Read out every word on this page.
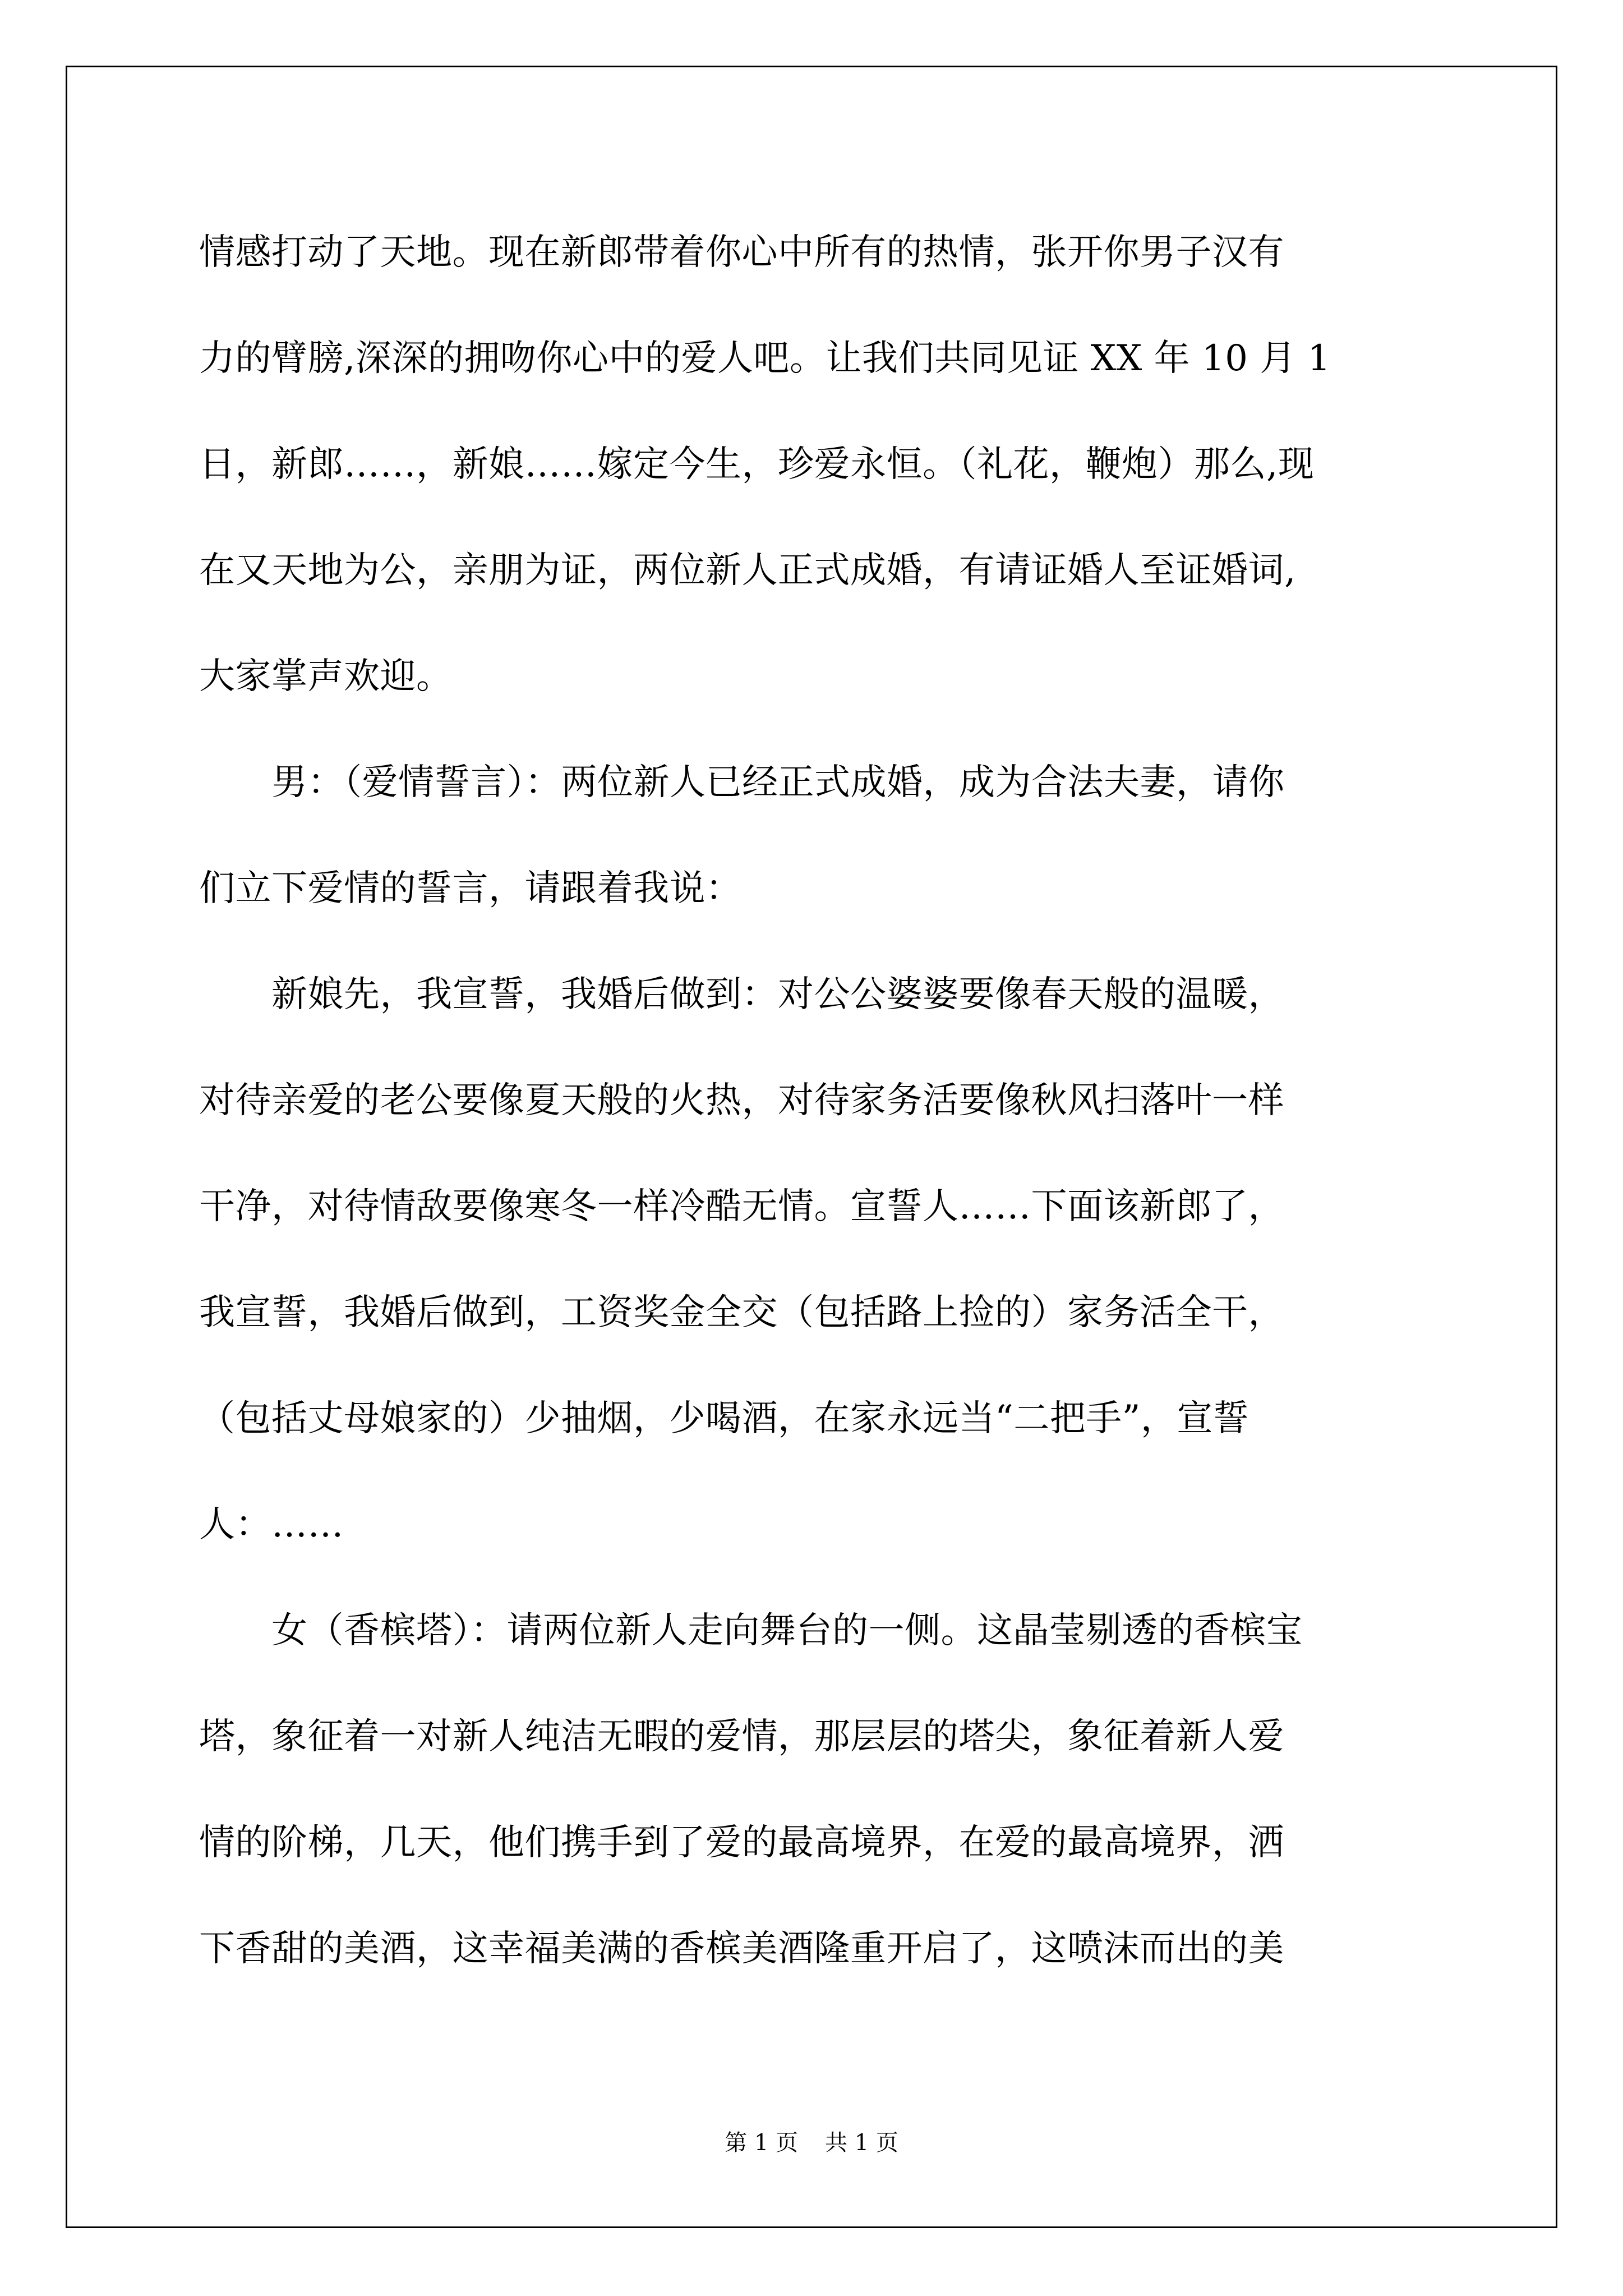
情感打动了天地。现在新郎带着你心中所有的热情，张开你男子汉有
力的臂膀,深深的拥吻你心中的爱人吧。让我们共同见证 XX 年 10 月 1
日，新郎……，新娘……嫁定今生，珍爱永恒。（礼花，鞭炮）那么,现
在又天地为公，亲朋为证，两位新人正式成婚，有请证婚人至证婚词,
大家掌声欢迎。
　　男：（爱情誓言）：两位新人已经正式成婚，成为合法夫妻，请你
们立下爱情的誓言，请跟着我说：
　　新娘先，我宣誓，我婚后做到：对公公婆婆要像春天般的温暖，
对待亲爱的老公要像夏天般的火热，对待家务活要像秋风扫落叶一样
干净，对待情敌要像寒冬一样冷酷无情。宣誓人……下面该新郎了，
我宣誓，我婚后做到，工资奖金全交（包括路上捡的）家务活全干，
（包括丈母娘家的）少抽烟，少喝酒，在家永远当“二把手”，宣誓
人：……
　　女（香槟塔）：请两位新人走向舞台的一侧。这晶莹剔透的香槟宝
塔，象征着一对新人纯洁无暇的爱情，那层层的塔尖，象征着新人爱
情的阶梯，几天，他们携手到了爱的最高境界，在爱的最高境界，洒
下香甜的美酒，这幸福美满的香槟美酒隆重开启了，这喷沫而出的美
第 1 页 共 1 页
